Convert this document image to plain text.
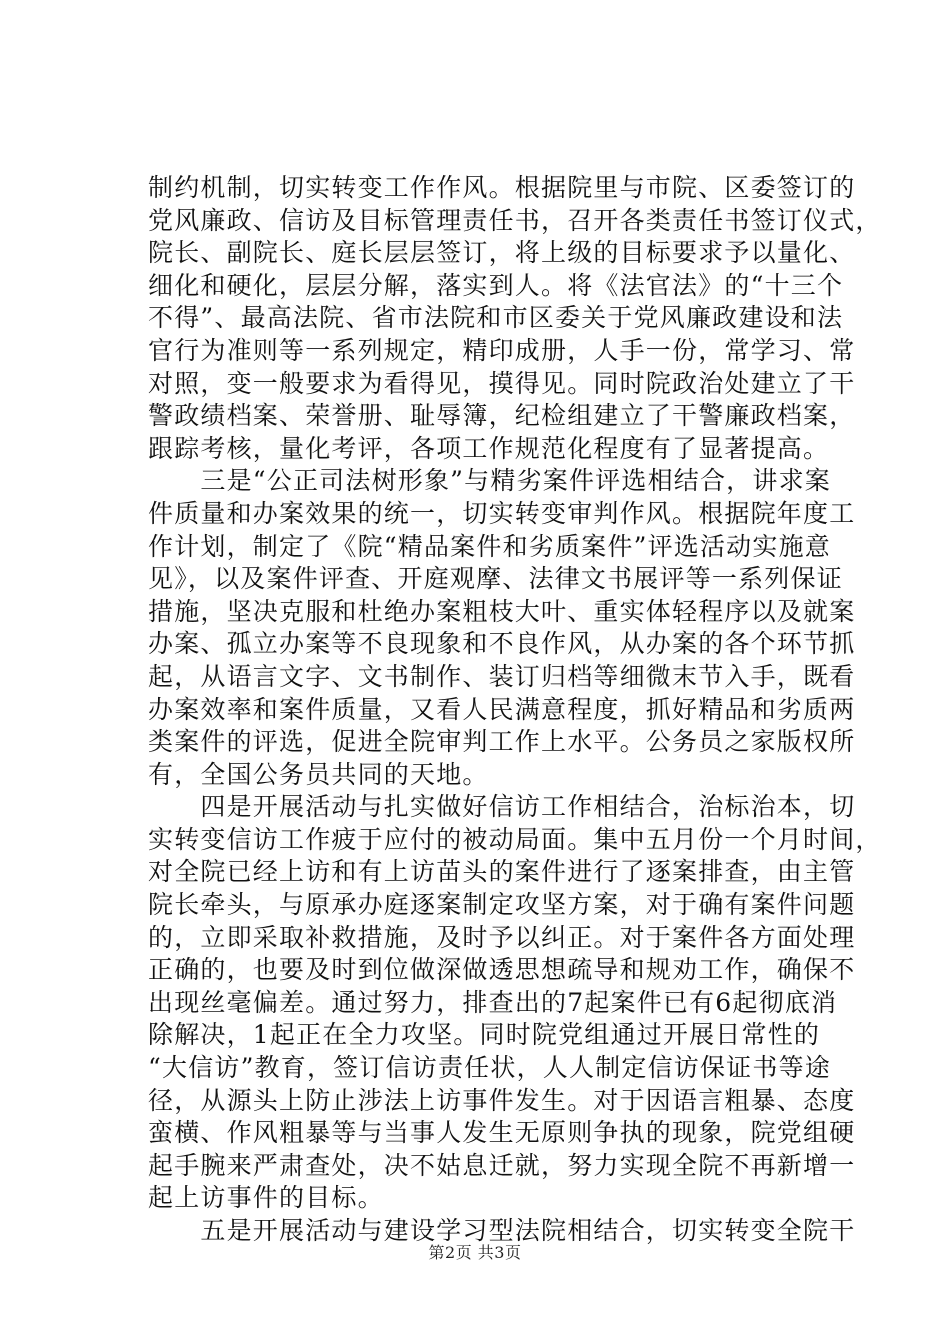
制约机制，切实转变工作作风。根据院里与市院、区委签订的
党风廉政、信访及目标管理责任书，召开各类责任书签订仪式，
院长、副院长、庭长层层签订，将上级的目标要求予以量化、
细化和硬化，层层分解，落实到人。将《法官法》的“十三个
不得”、最高法院、省市法院和市区委关于党风廉政建设和法
官行为准则等一系列规定，精印成册，人手一份，常学习、常
对照，变一般要求为看得见，摸得见。同时院政治处建立了干
警政绩档案、荣誉册、耻辱簿，纪检组建立了干警廉政档案，
跟踪考核，量化考评，各项工作规范化程度有了显著提高。
　　三是“公正司法树形象”与精劣案件评选相结合，讲求案
件质量和办案效果的统一，切实转变审判作风。根据院年度工
作计划，制定了《院“精品案件和劣质案件”评选活动实施意
见》，以及案件评查、开庭观摩、法律文书展评等一系列保证
措施，坚决克服和杜绝办案粗枝大叶、重实体轻程序以及就案
办案、孤立办案等不良现象和不良作风，从办案的各个环节抓
起，从语言文字、文书制作、装订归档等细微末节入手，既看
办案效率和案件质量，又看人民满意程度，抓好精品和劣质两
类案件的评选，促进全院审判工作上水平。公务员之家版权所
有，全国公务员共同的天地。
　　四是开展活动与扎实做好信访工作相结合，治标治本，切
实转变信访工作疲于应付的被动局面。集中五月份一个月时间，
对全院已经上访和有上访苗头的案件进行了逐案排查，由主管
院长牵头，与原承办庭逐案制定攻坚方案，对于确有案件问题
的，立即采取补救措施，及时予以纠正。对于案件各方面处理
正确的，也要及时到位做深做透思想疏导和规劝工作，确保不
出现丝毫偏差。通过努力，排查出的7起案件已有6起彻底消
除解决，1起正在全力攻坚。同时院党组通过开展日常性的
“大信访”教育，签订信访责任状，人人制定信访保证书等途
径，从源头上防止涉法上访事件发生。对于因语言粗暴、态度
蛮横、作风粗暴等与当事人发生无原则争执的现象，院党组硬
起手腕来严肃查处，决不姑息迁就，努力实现全院不再新增一
起上访事件的目标。
　　五是开展活动与建设学习型法院相结合，切实转变全院干
第2页 共3页
